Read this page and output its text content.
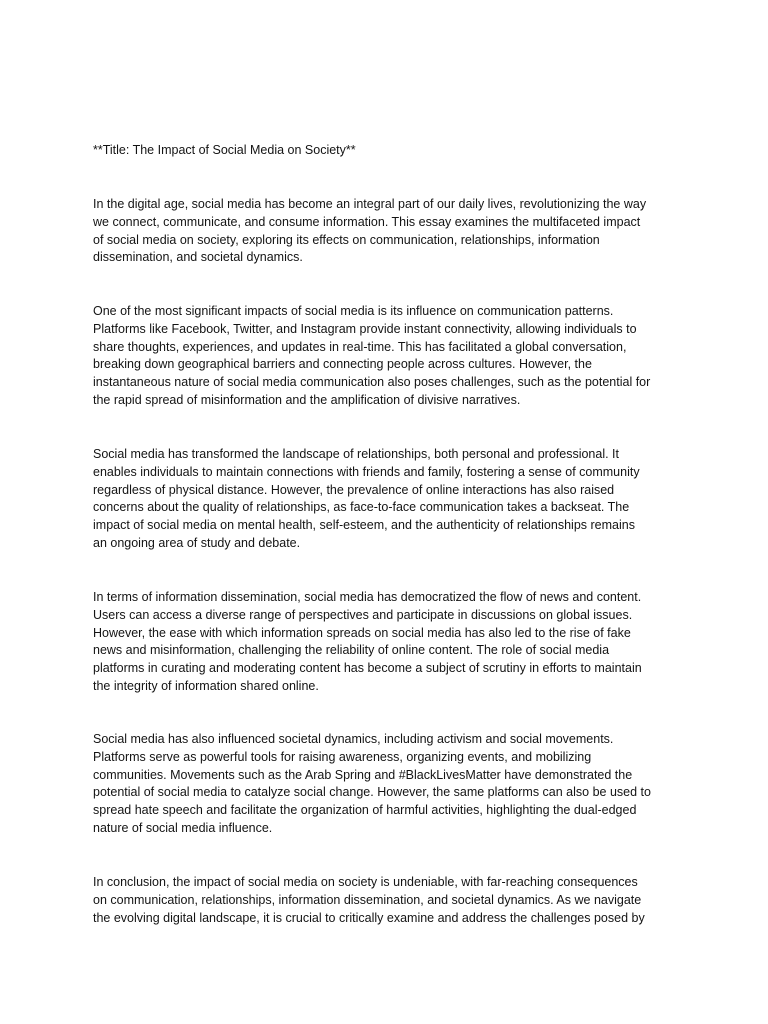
**Title: The Impact of Social Media on Society**

In the digital age, social media has become an integral part of our daily lives, revolutionizing the way
we connect, communicate, and consume information. This essay examines the multifaceted impact
of social media on society, exploring its effects on communication, relationships, information
dissemination, and societal dynamics.
One of the most significant impacts of social media is its influence on communication patterns.
Platforms like Facebook, Twitter, and Instagram provide instant connectivity, allowing individuals to
share thoughts, experiences, and updates in real-time. This has facilitated a global conversation,
breaking down geographical barriers and connecting people across cultures. However, the
instantaneous nature of social media communication also poses challenges, such as the potential for
the rapid spread of misinformation and the amplification of divisive narratives.
Social media has transformed the landscape of relationships, both personal and professional. It
enables individuals to maintain connections with friends and family, fostering a sense of community
regardless of physical distance. However, the prevalence of online interactions has also raised
concerns about the quality of relationships, as face-to-face communication takes a backseat. The
impact of social media on mental health, self-esteem, and the authenticity of relationships remains
an ongoing area of study and debate.
In terms of information dissemination, social media has democratized the flow of news and content.
Users can access a diverse range of perspectives and participate in discussions on global issues.
However, the ease with which information spreads on social media has also led to the rise of fake
news and misinformation, challenging the reliability of online content. The role of social media
platforms in curating and moderating content has become a subject of scrutiny in efforts to maintain
the integrity of information shared online.
Social media has also influenced societal dynamics, including activism and social movements.
Platforms serve as powerful tools for raising awareness, organizing events, and mobilizing
communities. Movements such as the Arab Spring and #BlackLivesMatter have demonstrated the
potential of social media to catalyze social change. However, the same platforms can also be used to
spread hate speech and facilitate the organization of harmful activities, highlighting the dual-edged
nature of social media influence.
In conclusion, the impact of social media on society is undeniable, with far-reaching consequences
on communication, relationships, information dissemination, and societal dynamics. As we navigate
the evolving digital landscape, it is crucial to critically examine and address the challenges posed by
